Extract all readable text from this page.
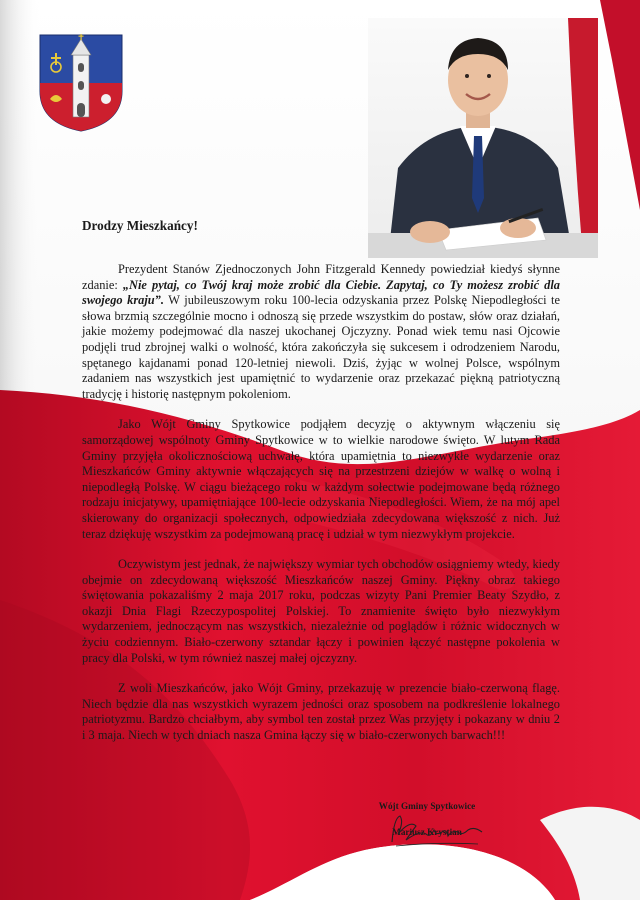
Drodzy Mieszkańcy!

Prezydent Stanów Zjednoczonych John Fitzgerald Kennedy powiedział kiedyś słynne zdanie: „Nie pytaj, co Twój kraj może zrobić dla Ciebie. Zapytaj, co Ty możesz zrobić dla swojego kraju”. W jubileuszowym roku 100-lecia odzyskania przez Polskę Niepodległości te słowa brzmią szczególnie mocno i odnoszą się przede wszystkim do postaw, słów oraz działań, jakie możemy podejmować dla naszej ukochanej Ojczyzny. Ponad wiek temu nasi Ojcowie podjęli trud zbrojnej walki o wolność, która zakończyła się sukcesem i odrodzeniem Narodu, spętanego kajdanami ponad 120-letniej niewoli. Dziś, żyjąc w wolnej Polsce, wspólnym zadaniem nas wszystkich jest upamiętnić to wydarzenie oraz przekazać piękną patriotyczną tradycję i historię następnym pokoleniom.

Jako Wójt Gminy Spytkowice podjąłem decyzję o aktywnym włączeniu się samorządowej wspólnoty Gminy Spytkowice w to wielkie narodowe święto. W lutym Rada Gminy przyjęła okolicznościową uchwałę, która upamiętnia to niezwykłe wydarzenie oraz Mieszkańców Gminy aktywnie włączających się na przestrzeni dziejów w walkę o wolną i niepodległą Polskę. W ciągu bieżącego roku w każdym sołectwie podejmowane będą różnego rodzaju inicjatywy, upamiętniające 100-lecie odzyskania Niepodległości. Wiem, że na mój apel skierowany do organizacji społecznych, odpowiedziała zdecydowana większość z nich. Już teraz dziękuję wszystkim za podejmowaną pracę i udział w tym niezwykłym projekcie.

Oczywistym jest jednak, że największy wymiar tych obchodów osiągniemy wtedy, kiedy obejmie on zdecydowaną większość Mieszkańców naszej Gminy. Piękny obraz takiego świętowania pokazaliśmy 2 maja 2017 roku, podczas wizyty Pani Premier Beaty Szydło, z okazji Dnia Flagi Rzeczypospolitej Polskiej. To znamienite święto było niezwykłym wydarzeniem, jednoczącym nas wszystkich, niezależnie od poglądów i różnic widocznych w życiu codziennym. Biało-czerwony sztandar łączy i powinien łączyć następne pokolenia w pracy dla Polski, w tym również naszej małej ojczyzny.

Z woli Mieszkańców, jako Wójt Gminy, przekazuję w prezencie biało-czerwoną flagę. Niech będzie dla nas wszystkich wyrazem jedności oraz sposobem na podkreślenie lokalnego patriotyzmu. Bardzo chciałbym, aby symbol ten został przez Was przyjęty i pokazany w dniu 2 i 3 maja. Niech w tych dniach nasza Gmina łączy się w biało-czerwonych barwach!!!

Wójt Gminy Spytkowice
Mariusz Krystian
